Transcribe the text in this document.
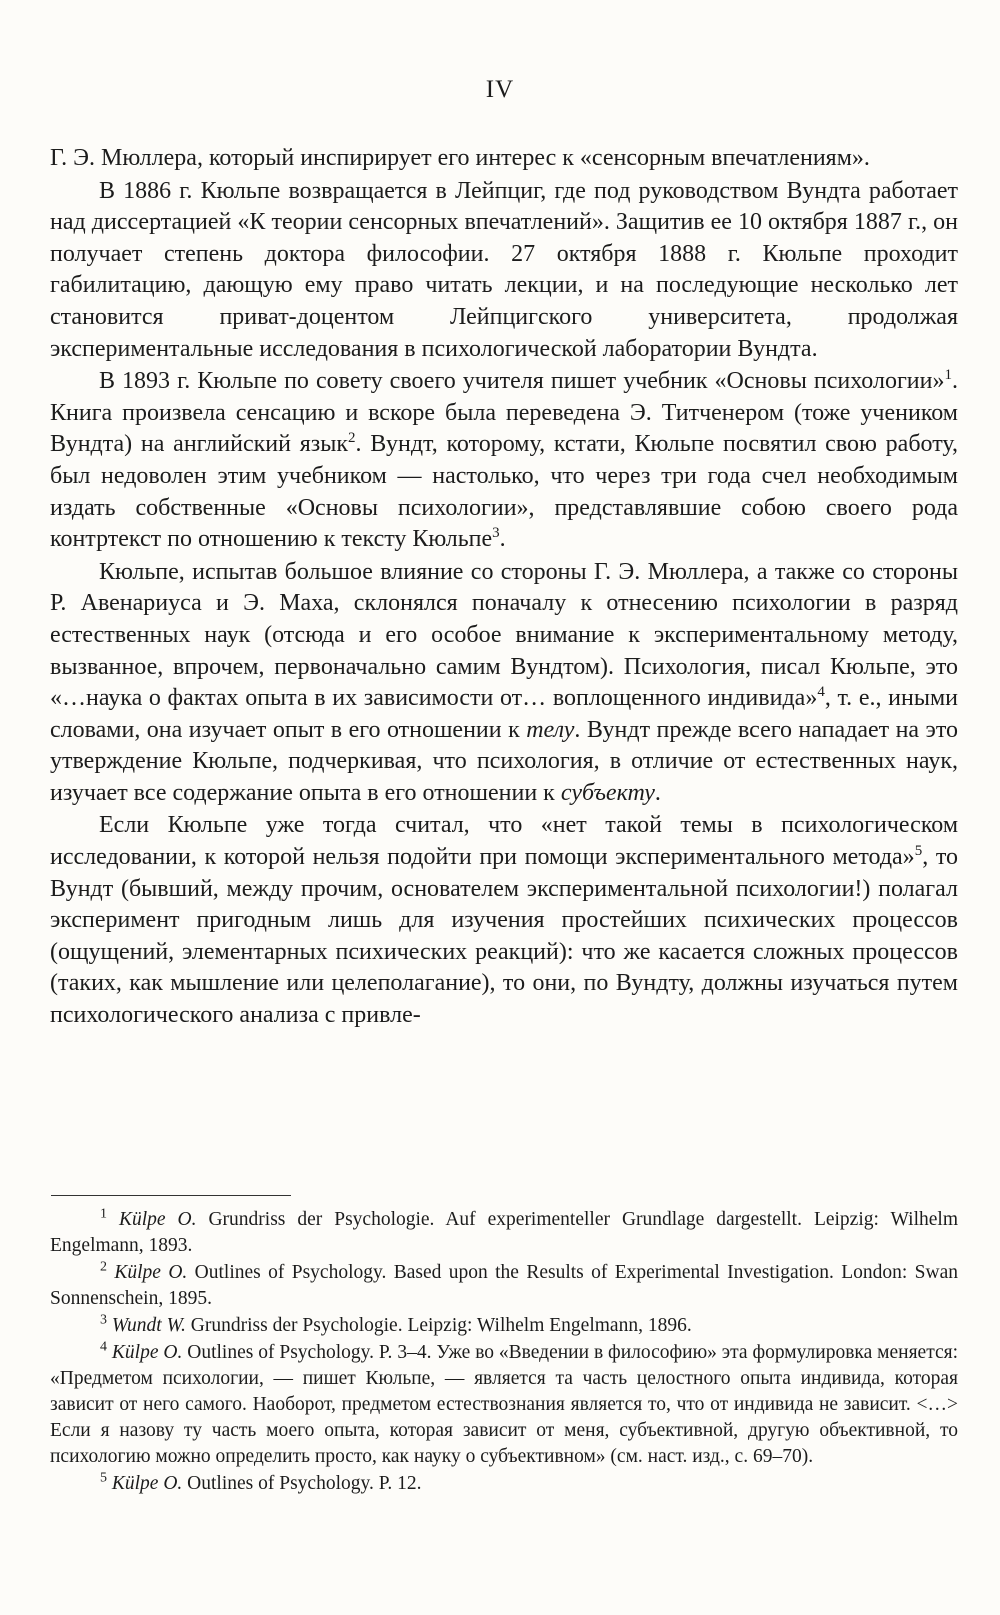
IV

Г. Э. Мюллера, который инспирирует его интерес к «сенсорным впечатлениям».

В 1886 г. Кюльпе возвращается в Лейпциг, где под руководством Вундта работает над диссертацией «К теории сенсорных впечатлений». Защитив ее 10 октября 1887 г., он получает степень доктора философии. 27 октября 1888 г. Кюльпе проходит габилитацию, дающую ему право читать лекции, и на последующие несколько лет становится приват-доцентом Лейпцигского университета, продолжая экспериментальные исследования в психологической лаборатории Вундта.

В 1893 г. Кюльпе по совету своего учителя пишет учебник «Основы психологии»$^1$. Книга произвела сенсацию и вскоре была переведена Э. Титченером (тоже учеником Вундта) на английский язык$^2$. Вундт, которому, кстати, Кюльпе посвятил свою работу, был недоволен этим учебником — настолько, что через три года счел необходимым издать собственные «Основы психологии», представлявшие собою своего рода контртекст по отношению к тексту Кюльпе$^3$.

Кюльпе, испытав большое влияние со стороны Г. Э. Мюллера, а также со стороны Р. Авенариуса и Э. Маха, склонялся поначалу к отнесению психологии в разряд естественных наук (отсюда и его особое внимание к экспериментальному методу, вызванное, впрочем, первоначально самим Вундтом). Психология, писал Кюльпе, это «…наука о фактах опыта в их зависимости от… воплощенного индивида»$^4$, т. е., иными словами, она изучает опыт в его отношении к телу. Вундт прежде всего нападает на это утверждение Кюльпе, подчеркивая, что психология, в отличие от естественных наук, изучает все содержание опыта в его отношении к субъекту.

Если Кюльпе уже тогда считал, что «нет такой темы в психологическом исследовании, к которой нельзя подойти при помощи экспериментального метода»$^5$, то Вундт (бывший, между прочим, основателем экспериментальной психологии!) полагал эксперимент пригодным лишь для изучения простейших психических процессов (ощущений, элементарных психических реакций): что же касается сложных процессов (таких, как мышление или целеполагание), то они, по Вундту, должны изучаться путем психологического анализа с привле-

$^1$ Külpe O. Grundriss der Psychologie. Auf experimenteller Grundlage dargestellt. Leipzig: Wilhelm Engelmann, 1893.

$^2$ Külpe O. Outlines of Psychology. Based upon the Results of Experimental Investigation. London: Swan Sonnenschein, 1895.

$^3$ Wundt W. Grundriss der Psychologie. Leipzig: Wilhelm Engelmann, 1896.

$^4$ Külpe O. Outlines of Psychology. P. 3–4. Уже во «Введении в философию» эта формулировка меняется: «Предметом психологии, — пишет Кюльпе, — является та часть целостного опыта индивида, которая зависит от него самого. Наоборот, предметом естествознания является то, что от индивида не зависит. <…> Если я назову ту часть моего опыта, которая зависит от меня, субъективной, другую объективной, то психологию можно определить просто, как науку о субъективном» (см. наст. изд., с. 69–70).

$^5$ Külpe O. Outlines of Psychology. P. 12.
